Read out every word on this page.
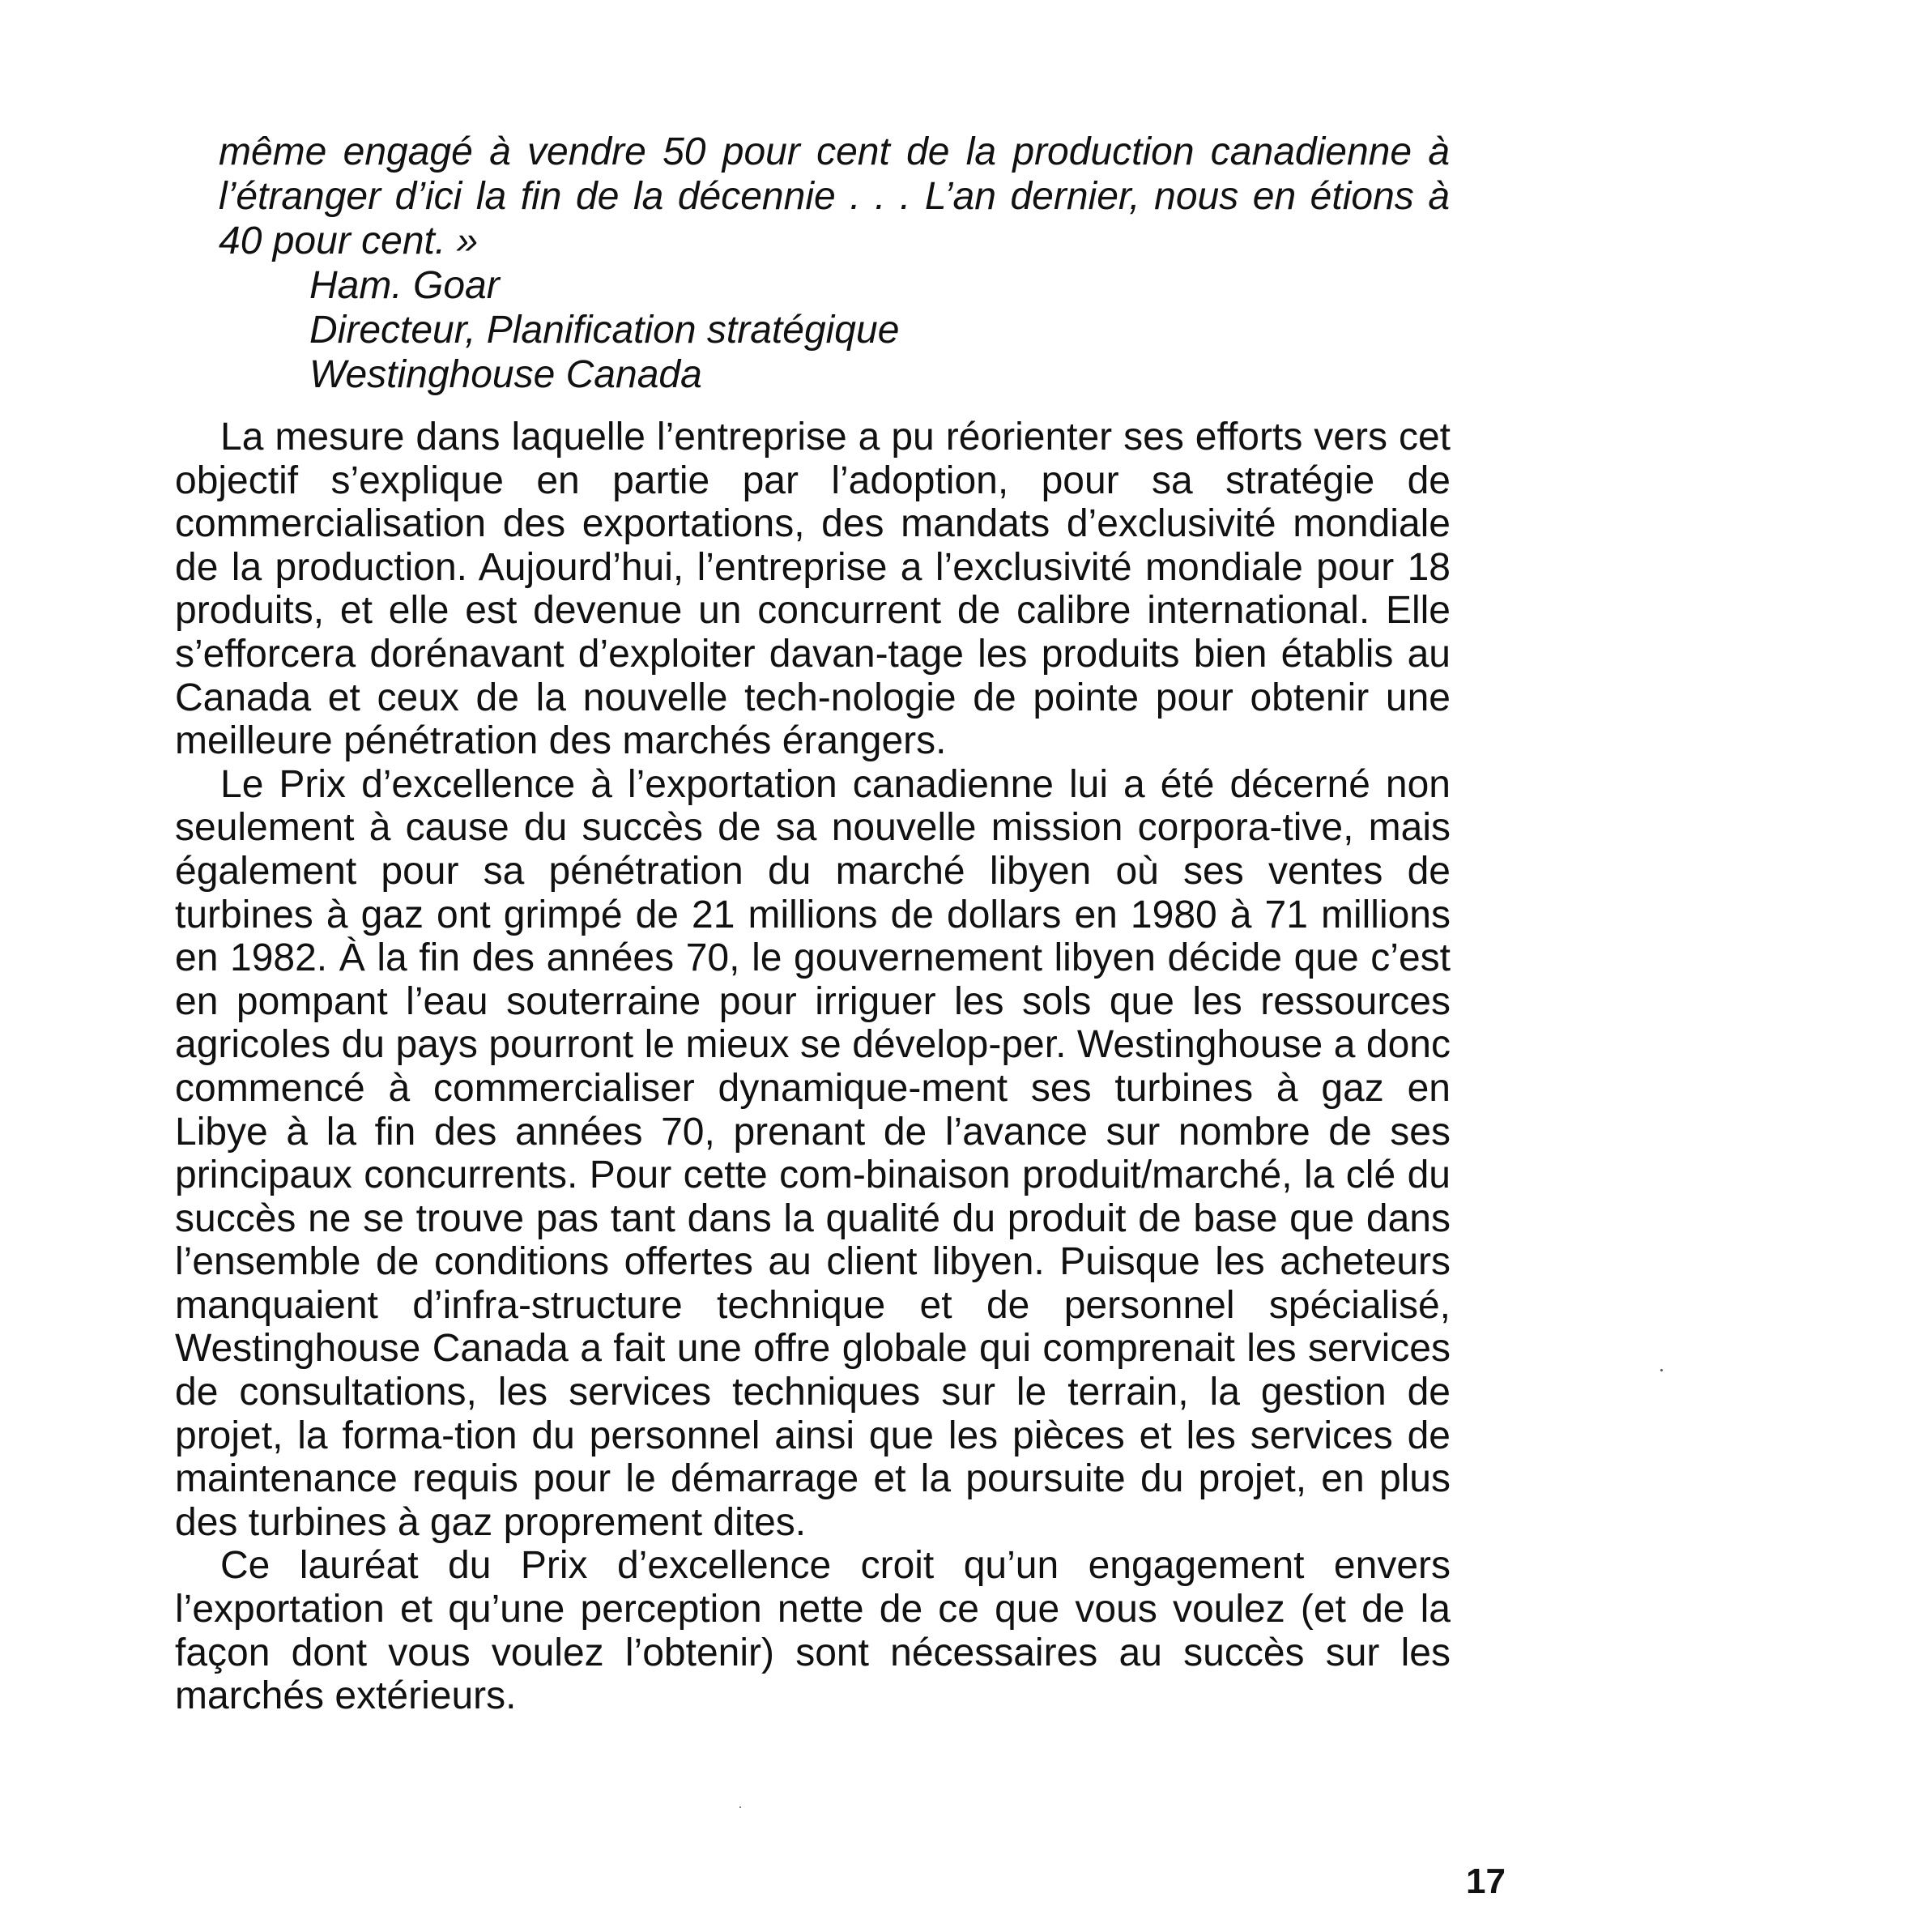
même engagé à vendre 50 pour cent de la production canadienne à l’étranger d’ici la fin de la décennie . . . L’an dernier, nous en étions à 40 pour cent. »

Ham. Goar
Directeur, Planification stratégique
Westinghouse Canada

La mesure dans laquelle l’entreprise a pu réorienter ses efforts vers cet objectif s’explique en partie par l’adoption, pour sa stratégie de commercialisation des exportations, des mandats d’exclusivité mondiale de la production. Aujourd’hui, l’entreprise a l’exclusivité mondiale pour 18 produits, et elle est devenue un concurrent de calibre international. Elle s’efforcera dorénavant d’exploiter davan-tage les produits bien établis au Canada et ceux de la nouvelle tech-nologie de pointe pour obtenir une meilleure pénétration des marchés érangers.

Le Prix d’excellence à l’exportation canadienne lui a été décerné non seulement à cause du succès de sa nouvelle mission corpora-tive, mais également pour sa pénétration du marché libyen où ses ventes de turbines à gaz ont grimpé de 21 millions de dollars en 1980 à 71 millions en 1982. À la fin des années 70, le gouvernement libyen décide que c’est en pompant l’eau souterraine pour irriguer les sols que les ressources agricoles du pays pourront le mieux se dévelop-per. Westinghouse a donc commencé à commercialiser dynamique-ment ses turbines à gaz en Libye à la fin des années 70, prenant de l’avance sur nombre de ses principaux concurrents. Pour cette com-binaison produit/marché, la clé du succès ne se trouve pas tant dans la qualité du produit de base que dans l’ensemble de conditions offertes au client libyen. Puisque les acheteurs manquaient d’infra-structure technique et de personnel spécialisé, Westinghouse Canada a fait une offre globale qui comprenait les services de consultations, les services techniques sur le terrain, la gestion de projet, la forma-tion du personnel ainsi que les pièces et les services de maintenance requis pour le démarrage et la poursuite du projet, en plus des turbines à gaz proprement dites.

Ce lauréat du Prix d’excellence croit qu’un engagement envers l’exportation et qu’une perception nette de ce que vous voulez (et de la façon dont vous voulez l’obtenir) sont nécessaires au succès sur les marchés extérieurs.

17
